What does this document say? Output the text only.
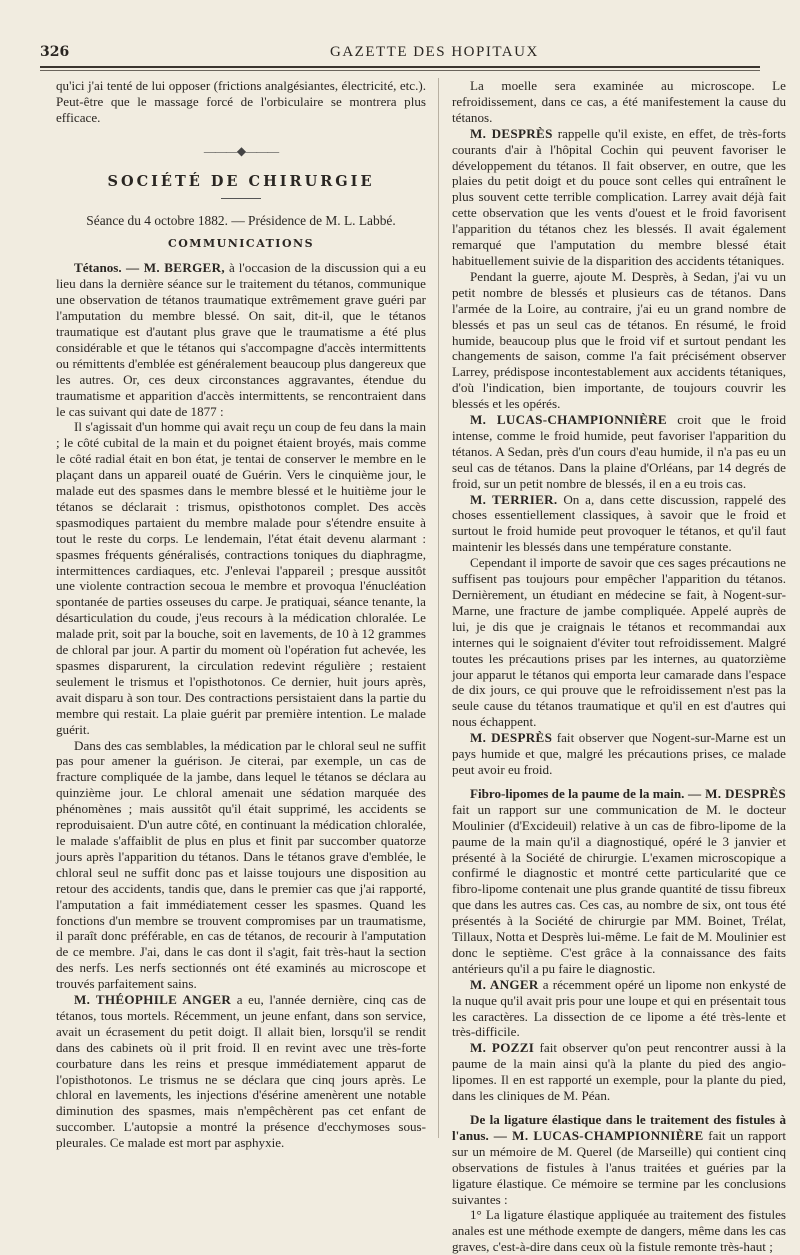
326	GAZETTE DES HOPITAUX

qu'ici j'ai tenté de lui opposer (frictions analgésiantes, électricité, etc.). Peut-être que le massage forcé de l'orbiculaire se montrera plus efficace.

———◆———
SOCIÉTÉ DE CHIRURGIE
Séance du 4 octobre 1882. — Présidence de M. L. Labbé.
COMMUNICATIONS

Tétanos. — M. BERGER, à l'occasion de la discussion qui a eu lieu dans la dernière séance sur le traitement du tétanos, communique une observation de tétanos traumatique extrêmement grave guéri par l'amputation du membre blessé. On sait, dit-il, que le tétanos traumatique est d'autant plus grave que le traumatisme a été plus considérable et que le tétanos qui s'accompagne d'accès intermittents ou rémittents d'emblée est généralement beaucoup plus dangereux que les autres. Or, ces deux circonstances aggravantes, étendue du traumatisme et apparition d'accès intermittents, se rencontraient dans le cas suivant qui date de 1877 :

Il s'agissait d'un homme qui avait reçu un coup de feu dans la main ; le côté cubital de la main et du poignet étaient broyés, mais comme le côté radial était en bon état, je tentai de conserver le membre en le plaçant dans un appareil ouaté de Guérin. Vers le cinquième jour, le malade eut des spasmes dans le membre blessé et le huitième jour le tétanos se déclarait : trismus, opisthotonos complet. Des accès spasmodiques partaient du membre malade pour s'étendre ensuite à tout le reste du corps. Le lendemain, l'état était devenu alarmant : spasmes fréquents généralisés, contractions toniques du diaphragme, intermittences cardiaques, etc. J'enlevai l'appareil ; presque aussitôt une violente contraction secoua le membre et provoqua l'énucléation spontanée de parties osseuses du carpe. Je pratiquai, séance tenante, la désarticulation du coude, j'eus recours à la médication chloralée. Le malade prit, soit par la bouche, soit en lavements, de 10 à 12 grammes de chloral par jour. A partir du moment où l'opération fut achevée, les spasmes disparurent, la circulation redevint régulière ; restaient seulement le trismus et l'opisthotonos. Ce dernier, huit jours après, avait disparu à son tour. Des contractions persistaient dans la partie du membre qui restait. La plaie guérit par première intention. Le malade guérit.

Dans des cas semblables, la médication par le chloral seul ne suffit pas pour amener la guérison. Je citerai, par exemple, un cas de fracture compliquée de la jambe, dans lequel le tétanos se déclara au quinzième jour. Le chloral amenait une sédation marquée des phénomènes ; mais aussitôt qu'il était supprimé, les accidents se reproduisaient. D'un autre côté, en continuant la médication chloralée, le malade s'affaiblit de plus en plus et finit par succomber quatorze jours après l'apparition du tétanos. Dans le tétanos grave d'emblée, le chloral seul ne suffit donc pas et laisse toujours une disposition au retour des accidents, tandis que, dans le premier cas que j'ai rapporté, l'amputation a fait immédiatement cesser les spasmes. Quand les fonctions d'un membre se trouvent compromises par un traumatisme, il paraît donc préférable, en cas de tétanos, de recourir à l'amputation de ce membre. J'ai, dans le cas dont il s'agit, fait très-haut la section des nerfs. Les nerfs sectionnés ont été examinés au microscope et trouvés parfaitement sains.

M. THÉOPHILE ANGER a eu, l'année dernière, cinq cas de tétanos, tous mortels. Récemment, un jeune enfant, dans son service, avait un écrasement du petit doigt. Il allait bien, lorsqu'il se rendit dans des cabinets où il prit froid. Il en revint avec une très-forte courbature dans les reins et presque immédiatement apparut de l'opisthotonos. Le trismus ne se déclara que cinq jours après. Le chloral en lavements, les injections d'ésérine amenèrent une notable diminution des spasmes, mais n'empêchèrent pas cet enfant de succomber. L'autopsie a montré la présence d'ecchymoses sous-pleurales. Ce malade est mort par asphyxie.

La moelle sera examinée au microscope. Le refroidissement, dans ce cas, a été manifestement la cause du tétanos.

M. DESPRÈS rappelle qu'il existe, en effet, de très-forts courants d'air à l'hôpital Cochin qui peuvent favoriser le développement du tétanos. Il fait observer, en outre, que les plaies du petit doigt et du pouce sont celles qui entraînent le plus souvent cette terrible complication. Larrey avait déjà fait cette observation que les vents d'ouest et le froid favorisent l'apparition du tétanos chez les blessés. Il avait également remarqué que l'amputation du membre blessé était habituellement suivie de la disparition des accidents tétaniques.

Pendant la guerre, ajoute M. Desprès, à Sedan, j'ai vu un petit nombre de blessés et plusieurs cas de tétanos. Dans l'armée de la Loire, au contraire, j'ai eu un grand nombre de blessés et pas un seul cas de tétanos. En résumé, le froid humide, beaucoup plus que le froid vif et surtout pendant les changements de saison, comme l'a fait précisément observer Larrey, prédispose incontestablement aux accidents tétaniques, d'où l'indication, bien importante, de toujours couvrir les blessés et les opérés.

M. LUCAS-CHAMPIONNIÈRE croit que le froid intense, comme le froid humide, peut favoriser l'apparition du tétanos. A Sedan, près d'un cours d'eau humide, il n'a pas eu un seul cas de tétanos. Dans la plaine d'Orléans, par 14 degrés de froid, sur un petit nombre de blessés, il en a eu trois cas.

M. TERRIER. On a, dans cette discussion, rappelé des choses essentiellement classiques, à savoir que le froid et surtout le froid humide peut provoquer le tétanos, et qu'il faut maintenir les blessés dans une température constante.

Cependant il importe de savoir que ces sages précautions ne suffisent pas toujours pour empêcher l'apparition du tétanos. Dernièrement, un étudiant en médecine se fait, à Nogent-sur-Marne, une fracture de jambe compliquée. Appelé auprès de lui, je dis que je craignais le tétanos et recommandai aux internes qui le soignaient d'éviter tout refroidissement. Malgré toutes les précautions prises par les internes, au quatorzième jour apparut le tétanos qui emporta leur camarade dans l'espace de dix jours, ce qui prouve que le refroidissement n'est pas la seule cause du tétanos traumatique et qu'il en est d'autres qui nous échappent.

M. DESPRÈS fait observer que Nogent-sur-Marne est un pays humide et que, malgré les précautions prises, ce malade peut avoir eu froid.

Fibro-lipomes de la paume de la main. — M. DESPRÈS fait un rapport sur une communication de M. le docteur Moulinier (d'Excideuil) relative à un cas de fibro-lipome de la paume de la main qu'il a diagnostiqué, opéré le 3 janvier et présenté à la Société de chirurgie. L'examen microscopique a confirmé le diagnostic et montré cette particularité que ce fibro-lipome contenait une plus grande quantité de tissu fibreux que dans les autres cas. Ces cas, au nombre de six, ont tous été présentés à la Société de chirurgie par MM. Boinet, Trélat, Tillaux, Notta et Desprès lui-même. Le fait de M. Moulinier est donc le septième. C'est grâce à la connaissance des faits antérieurs qu'il a pu faire le diagnostic.

M. ANGER a récemment opéré un lipome non enkysté de la nuque qu'il avait pris pour une loupe et qui en présentait tous les caractères. La dissection de ce lipome a été très-lente et très-difficile.

M. POZZI fait observer qu'on peut rencontrer aussi à la paume de la main ainsi qu'à la plante du pied des angio-lipomes. Il en est rapporté un exemple, pour la plante du pied, dans les cliniques de M. Péan.

De la ligature élastique dans le traitement des fistules à l'anus. — M. LUCAS-CHAMPIONNIÈRE fait un rapport sur un mémoire de M. Querel (de Marseille) qui contient cinq observations de fistules à l'anus traitées et guéries par la ligature élastique. Ce mémoire se termine par les conclusions suivantes :

1° La ligature élastique appliquée au traitement des fistules anales est une méthode exempte de dangers, même dans les cas graves, c'est-à-dire dans ceux où la fistule remonte très-haut ;
